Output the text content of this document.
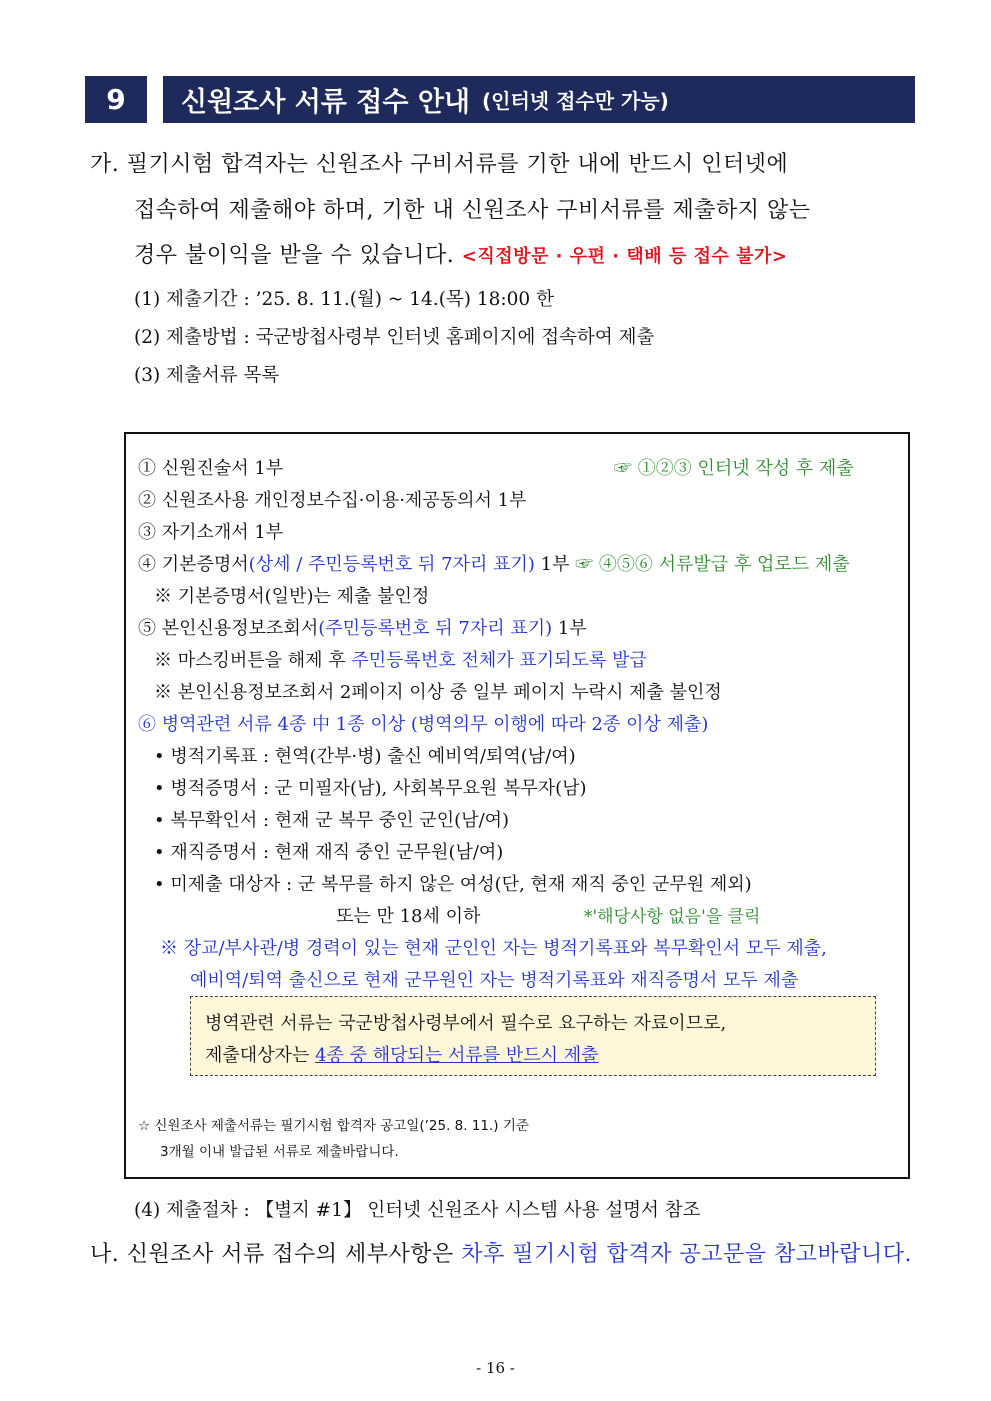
9	신원조사 서류 접수 안내 (인터넷 접수만 가능)
가. 필기시험 합격자는 신원조사 구비서류를 기한 내에 반드시 인터넷에
접속하여 제출해야 하며, 기한 내 신원조사 구비서류를 제출하지 않는
경우 불이익을 받을 수 있습니다. <직접방문 · 우편 · 택배 등 접수 불가>
(1) 제출기간 : ’25. 8. 11.(월) ~ 14.(목) 18:00 한
(2) 제출방법 : 국군방첩사령부 인터넷 홈페이지에 접속하여 제출
(3) 제출서류 목록
① 신원진술서 1부	☞ ①②③ 인터넷 작성 후 제출
② 신원조사용 개인정보수집·이용·제공동의서 1부
③ 자기소개서 1부
④ 기본증명서(상세 / 주민등록번호 뒤 7자리 표기) 1부 ☞ ④⑤⑥ 서류발급 후 업로드 제출
※ 기본증명서(일반)는 제출 불인정
⑤ 본인신용정보조회서(주민등록번호 뒤 7자리 표기) 1부
※ 마스킹버튼을 해제 후 주민등록번호 전체가 표기되도록 발급
※ 본인신용정보조회서 2페이지 이상 중 일부 페이지 누락시 제출 불인정
⑥ 병역관련 서류 4종 中 1종 이상 (병역의무 이행에 따라 2종 이상 제출)
• 병적기록표 : 현역(간부·병) 출신 예비역/퇴역(남/여)
• 병적증명서 : 군 미필자(남), 사회복무요원 복무자(남)
• 복무확인서 : 현재 군 복무 중인 군인(남/여)
• 재직증명서 : 현재 재직 중인 군무원(남/여)
• 미제출 대상자 : 군 복무를 하지 않은 여성(단, 현재 재직 중인 군무원 제외)
또는 만 18세 이하	*'해당사항 없음'을 클릭
※ 장교/부사관/병 경력이 있는 현재 군인인 자는 병적기록표와 복무확인서 모두 제출,
예비역/퇴역 출신으로 현재 군무원인 자는 병적기록표와 재직증명서 모두 제출
병역관련 서류는 국군방첩사령부에서 필수로 요구하는 자료이므로,
제출대상자는 4종 중 해당되는 서류를 반드시 제출
☆ 신원조사 제출서류는 필기시험 합격자 공고일(’25. 8. 11.) 기준
3개월 이내 발급된 서류로 제출바랍니다.
(4) 제출절차 : 【별지 #1】 인터넷 신원조사 시스템 사용 설명서 참조
나. 신원조사 서류 접수의 세부사항은 차후 필기시험 합격자 공고문을 참고바랍니다.
- 16 -
